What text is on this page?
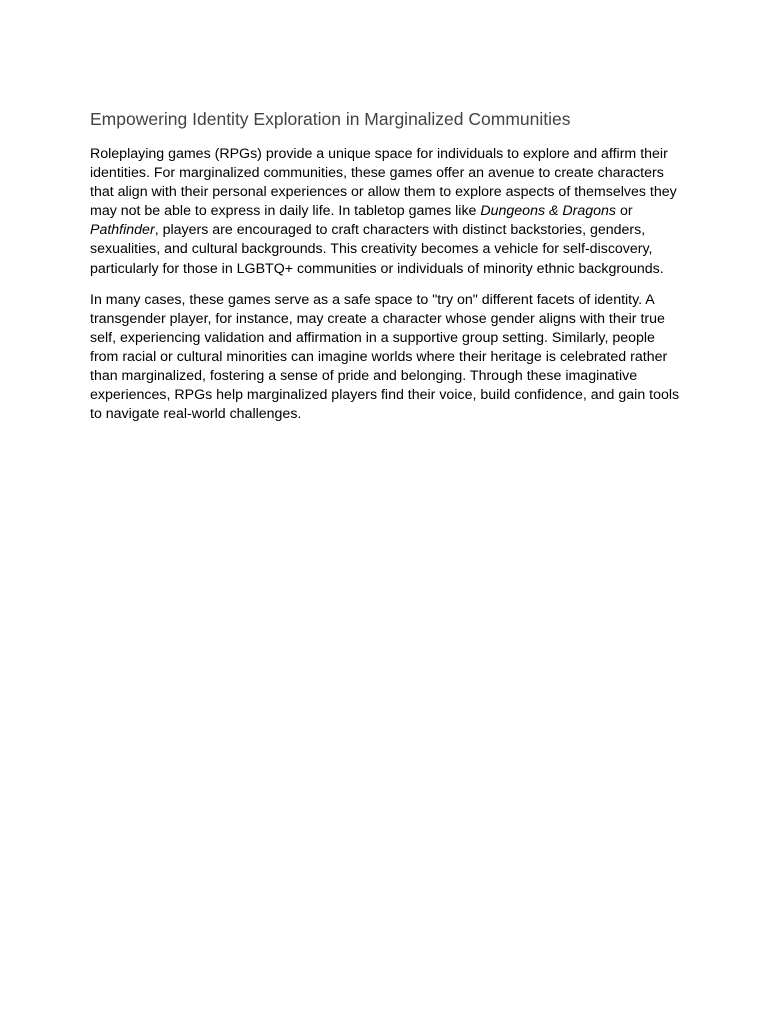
Empowering Identity Exploration in Marginalized Communities

Roleplaying games (RPGs) provide a unique space for individuals to explore and affirm their identities. For marginalized communities, these games offer an avenue to create characters that align with their personal experiences or allow them to explore aspects of themselves they may not be able to express in daily life. In tabletop games like Dungeons & Dragons or Pathfinder, players are encouraged to craft characters with distinct backstories, genders, sexualities, and cultural backgrounds. This creativity becomes a vehicle for self-discovery, particularly for those in LGBTQ+ communities or individuals of minority ethnic backgrounds.

In many cases, these games serve as a safe space to "try on" different facets of identity. A transgender player, for instance, may create a character whose gender aligns with their true self, experiencing validation and affirmation in a supportive group setting. Similarly, people from racial or cultural minorities can imagine worlds where their heritage is celebrated rather than marginalized, fostering a sense of pride and belonging. Through these imaginative experiences, RPGs help marginalized players find their voice, build confidence, and gain tools to navigate real-world challenges.
